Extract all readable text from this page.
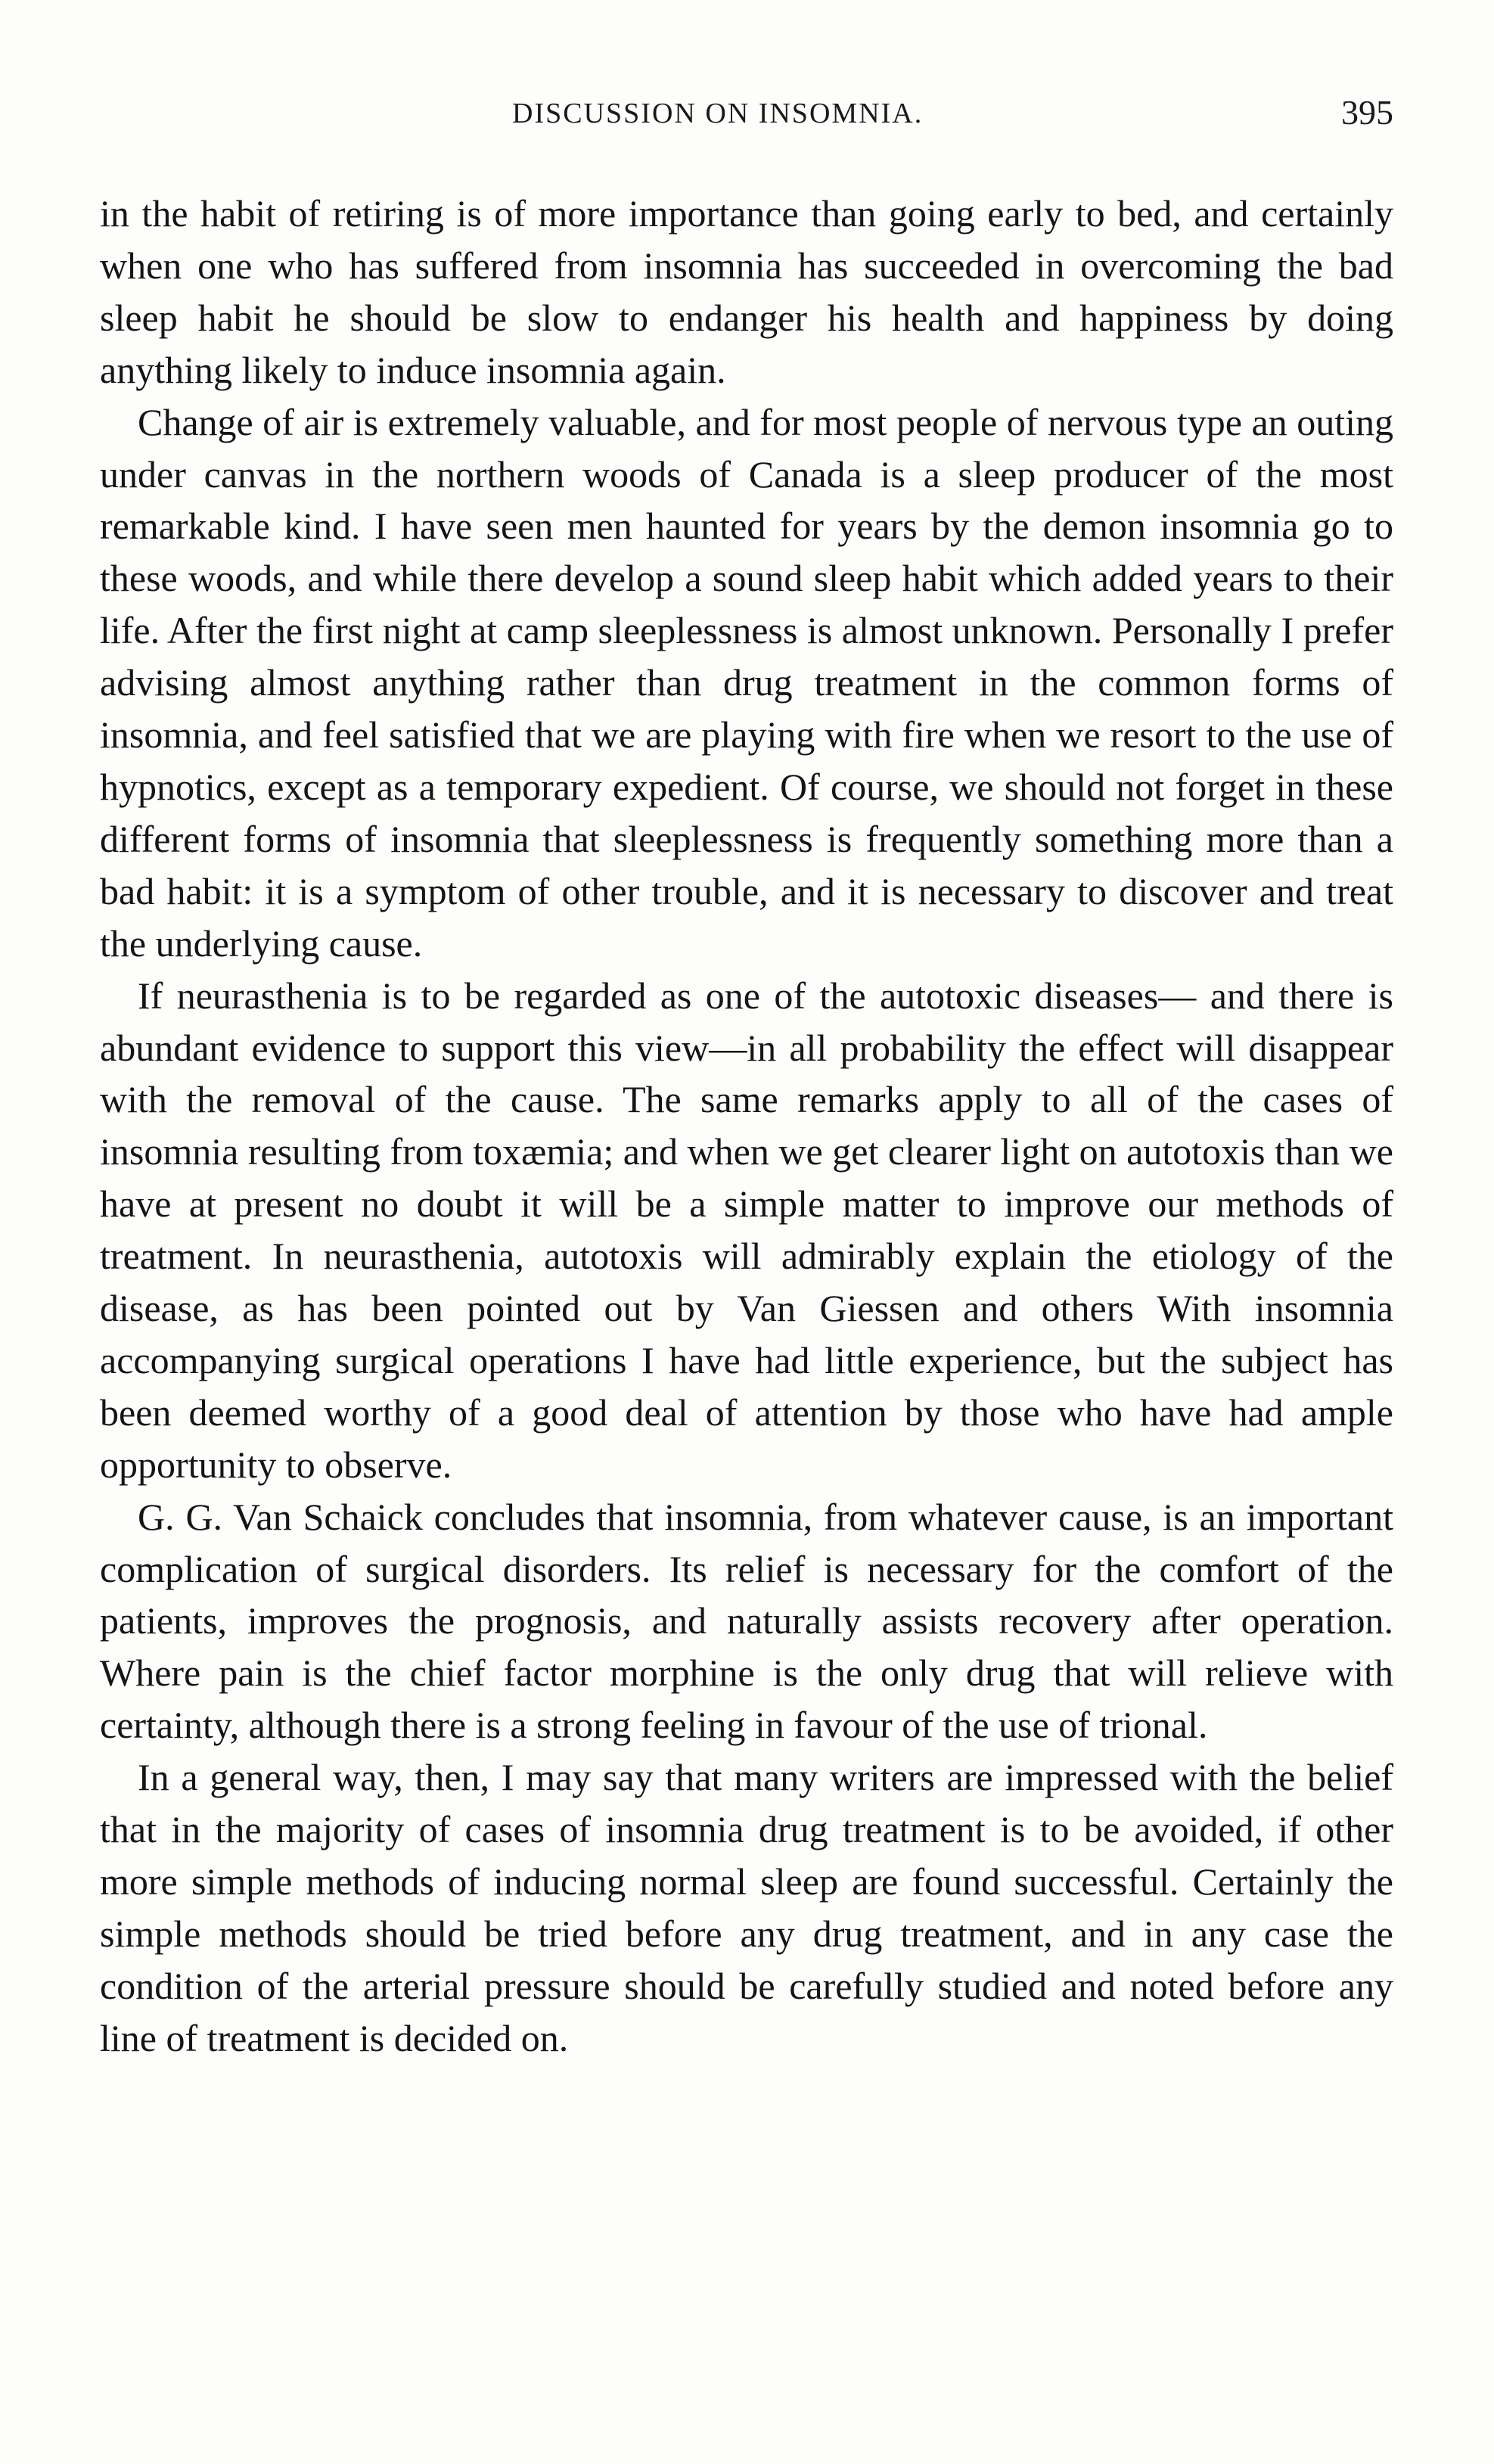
DISCUSSION ON INSOMNIA.	395

in the habit of retiring is of more importance than going early to bed, and certainly when one who has suffered from insomnia has succeeded in overcoming the bad sleep habit he should be slow to endanger his health and happiness by doing anything likely to induce insomnia again.

Change of air is extremely valuable, and for most people of nervous type an outing under canvas in the northern woods of Canada is a sleep producer of the most remarkable kind. I have seen men haunted for years by the demon insomnia go to these woods, and while there develop a sound sleep habit which added years to their life. After the first night at camp sleeplessness is almost unknown. Personally I prefer advising almost anything rather than drug treatment in the common forms of insomnia, and feel satisfied that we are playing with fire when we resort to the use of hypnotics, except as a temporary expedient. Of course, we should not forget in these different forms of insomnia that sleeplessness is frequently something more than a bad habit: it is a symptom of other trouble, and it is necessary to discover and treat the underlying cause.

If neurasthenia is to be regarded as one of the autotoxic diseases— and there is abundant evidence to support this view—in all probability the effect will disappear with the removal of the cause. The same remarks apply to all of the cases of insomnia resulting from toxæmia; and when we get clearer light on autotoxis than we have at present no doubt it will be a simple matter to improve our methods of treatment. In neurasthenia, autotoxis will admirably explain the etiology of the disease, as has been pointed out by Van Giessen and others With insomnia accompanying surgical operations I have had little experience, but the subject has been deemed worthy of a good deal of attention by those who have had ample opportunity to observe.

G. G. Van Schaick concludes that insomnia, from whatever cause, is an important complication of surgical disorders. Its relief is necessary for the comfort of the patients, improves the prognosis, and naturally assists recovery after operation. Where pain is the chief factor morphine is the only drug that will relieve with certainty, although there is a strong feeling in favour of the use of trional.

In a general way, then, I may say that many writers are impressed with the belief that in the majority of cases of insomnia drug treatment is to be avoided, if other more simple methods of inducing normal sleep are found successful. Certainly the simple methods should be tried before any drug treatment, and in any case the condition of the arterial pressure should be carefully studied and noted before any line of treatment is decided on.
